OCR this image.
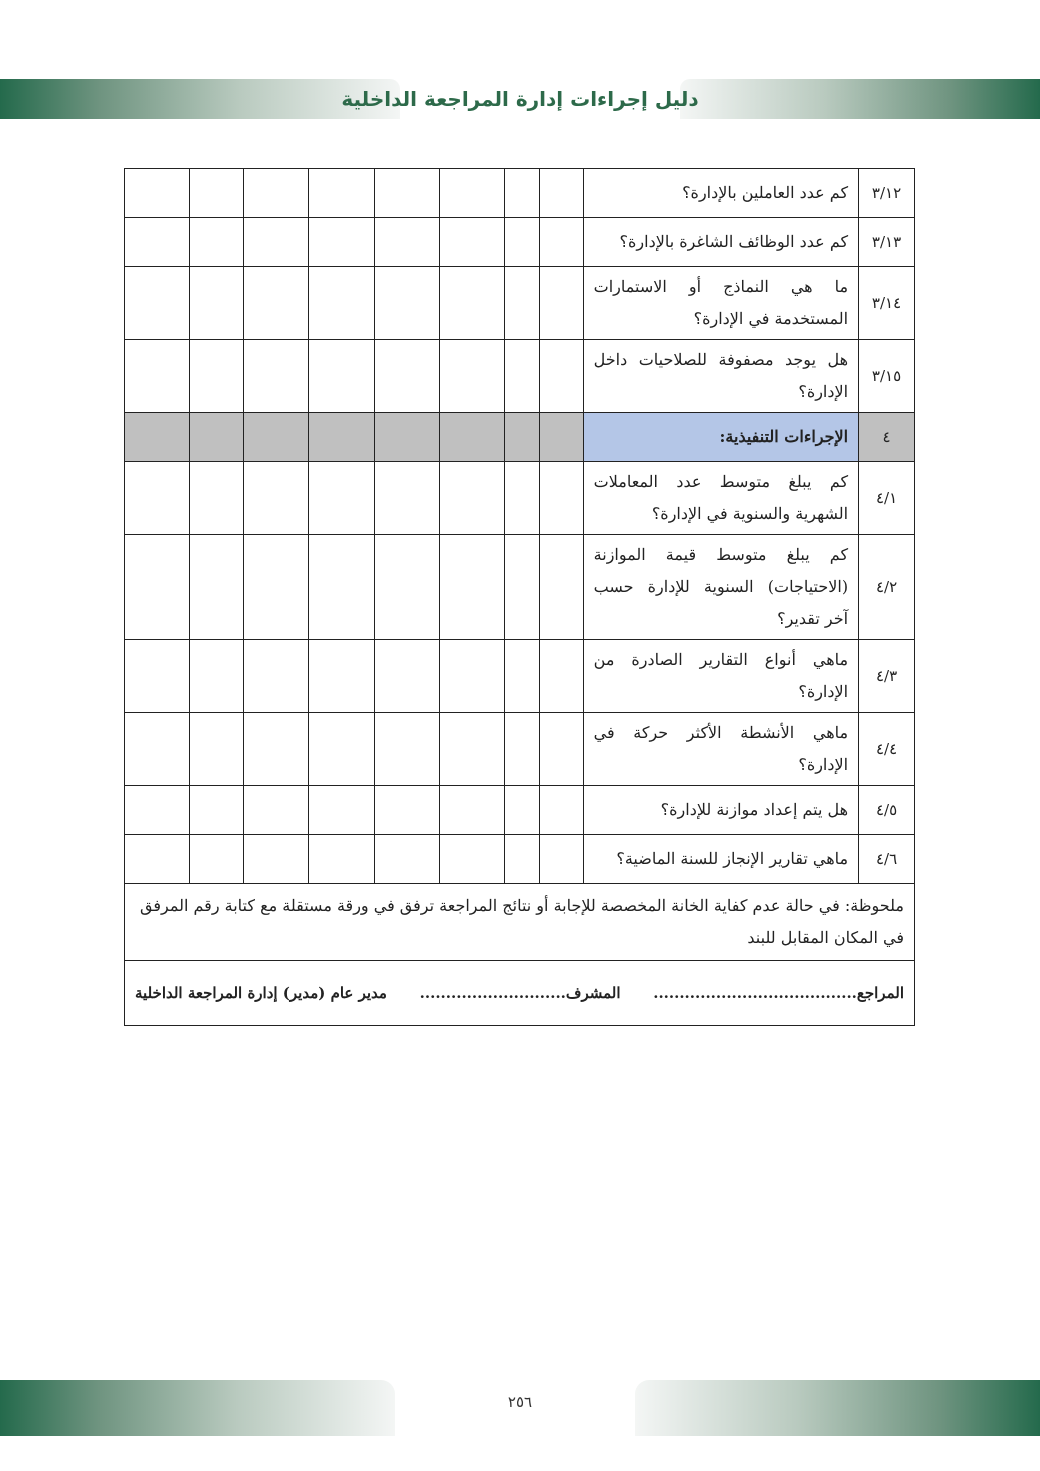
دليل إجراءات إدارة المراجعة الداخلية
٣/١٢	كم عدد العاملين بالإدارة؟								
٣/١٣	كم عدد الوظائف الشاغرة بالإدارة؟								
٣/١٤	ما هي النماذج أو الاستمارات المستخدمة في الإدارة؟								
٣/١٥	هل يوجد مصفوفة للصلاحيات داخل الإدارة؟								
٤	الإجراءات التنفيذية:								
٤/١	كم يبلغ متوسط عدد المعاملات الشهرية والسنوية في الإدارة؟								
٤/٢	كم يبلغ متوسط قيمة الموازنة (الاحتياجات) السنوية للإدارة حسب آخر تقدير؟								
٤/٣	ماهي أنواع التقارير الصادرة من الإدارة؟								
٤/٤	ماهي الأنشطة الأكثر حركة في الإدارة؟								
٤/٥	هل يتم إعداد موازنة للإدارة؟								
٤/٦	ماهي تقارير الإنجاز للسنة الماضية؟								
ملحوظة: في حالة عدم كفاية الخانة المخصصة للإجابة أو نتائج المراجعة ترفق في ورقة مستقلة مع كتابة رقم المرفق في المكان المقابل للبند									

المراجع.......................................
المشرف............................
مدير عام (مدير) إدارة المراجعة الداخلية									
٢٥٦
